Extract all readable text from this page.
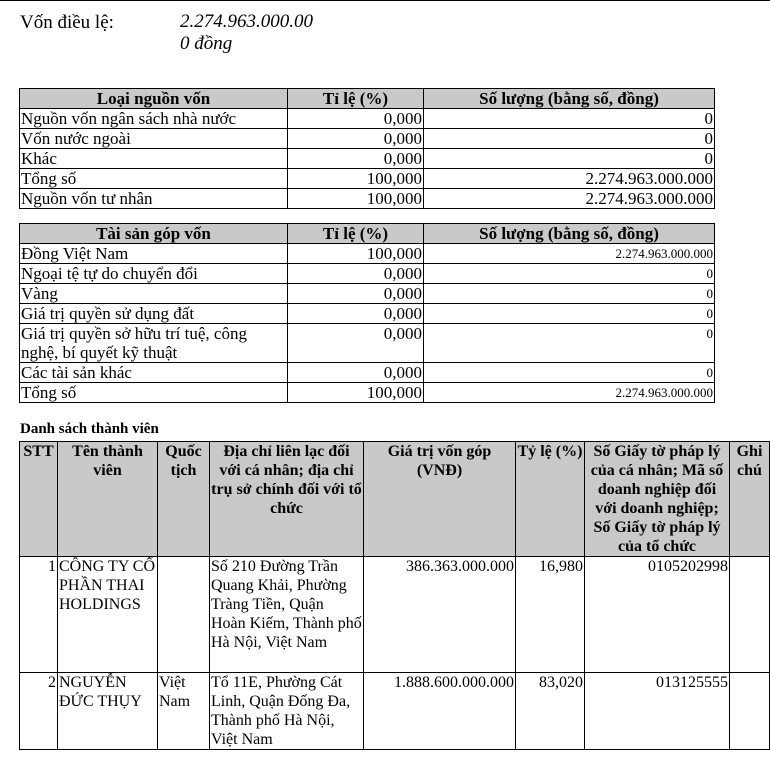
Vốn điều lệ:	2.274.963.000.00
0 đồng
Loại nguồn vốn	Tỉ lệ (%)	Số lượng (bằng số, đồng)
Nguồn vốn ngân sách nhà nước	0,000	0
Vốn nước ngoài	0,000	0
Khác	0,000	0
Tổng số	100,000	2.274.963.000.000
Nguồn vốn tư nhân	100,000	2.274.963.000.000
Tài sản góp vốn	Tỉ lệ (%)	Số lượng (bằng số, đồng)
Đồng Việt Nam	100,000	2.274.963.000.000
Ngoại tệ tự do chuyển đổi	0,000	0
Vàng	0,000	0
Giá trị quyền sử dụng đất	0,000	0
Giá trị quyền sở hữu trí tuệ, công nghệ, bí quyết kỹ thuật	0,000	0
Các tài sản khác	0,000	0
Tổng số	100,000	2.274.963.000.000
Danh sách thành viên
STT	Tên thành viên	Quốc tịch	Địa chỉ liên lạc đối với cá nhân; địa chỉ trụ sở chính đối với tổ chức	Giá trị vốn góp (VNĐ)	Tỷ lệ (%)	Số Giấy tờ pháp lý của cá nhân; Mã số doanh nghiệp đối với doanh nghiệp; Số Giấy tờ pháp lý của tổ chức	Ghi chú
1	CÔNG TY CỔ PHẦN THAIHOLDINGS		Số 210 Đường Trần Quang Khải, Phường Tràng Tiền, Quận Hoàn Kiếm, Thành phố Hà Nội, Việt Nam	386.363.000.000	16,980	0105202998	
2	NGUYỄN ĐỨC THỤY	Việt Nam	Tổ 11E, Phường Cát Linh, Quận Đống Đa, Thành phố Hà Nội, Việt Nam	1.888.600.000.000	83,020	013125555	
